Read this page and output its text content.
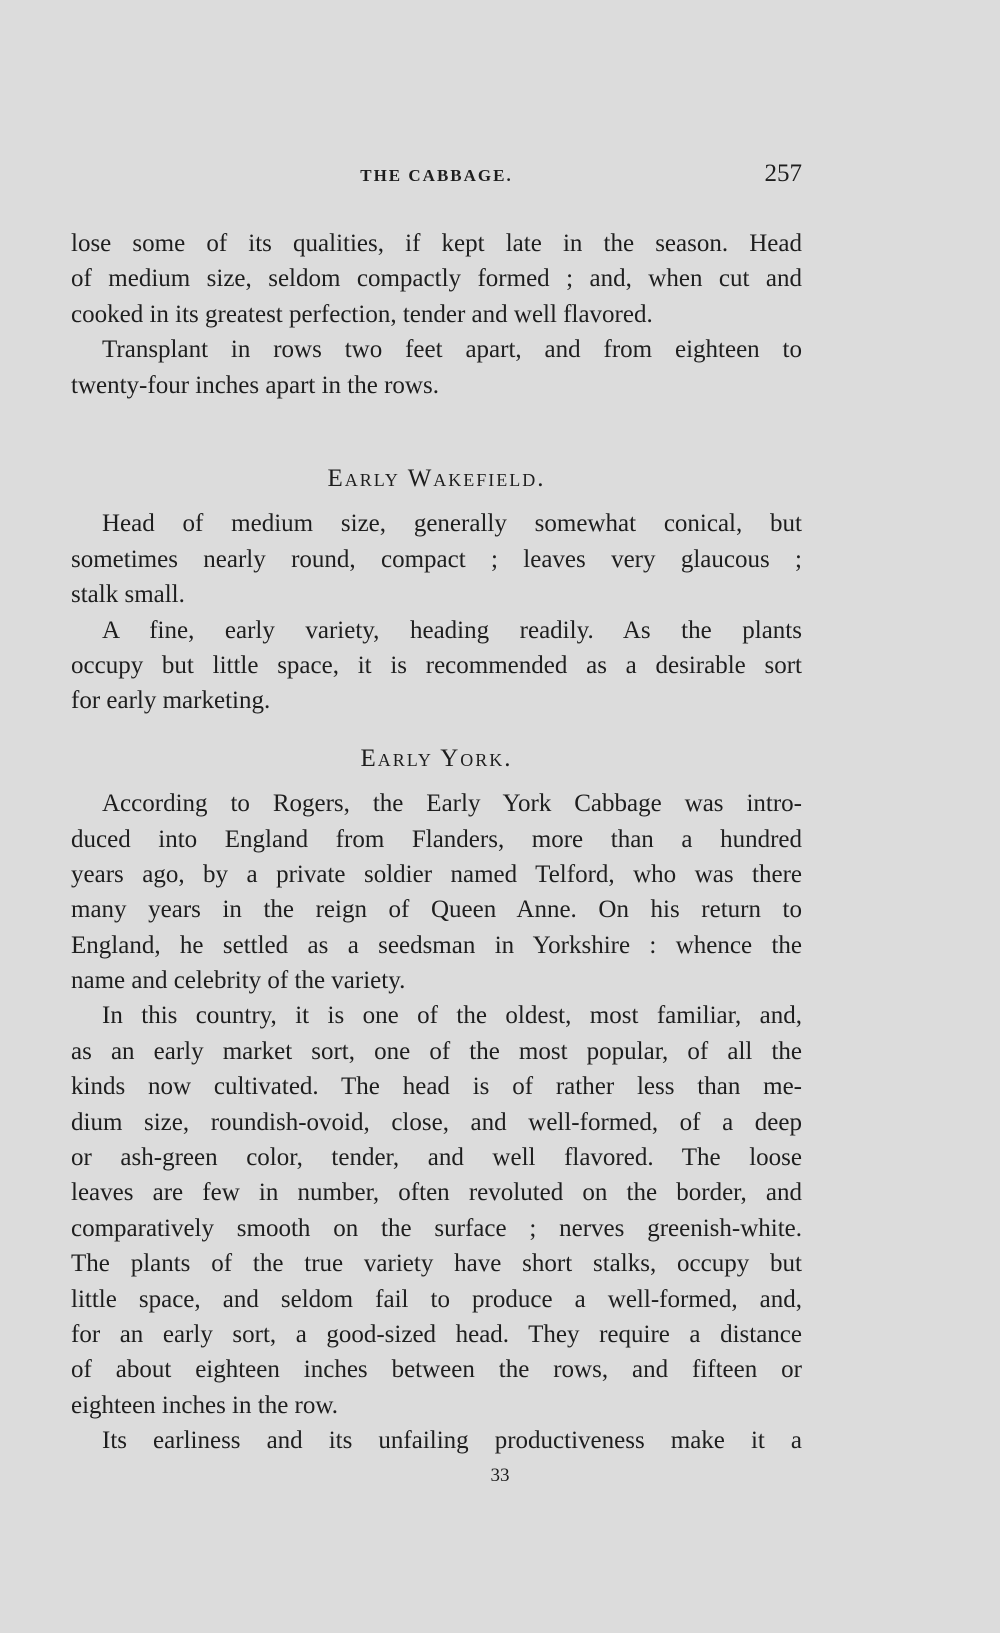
THE CABBAGE.	257
lose some of its qualities, if kept late in the season. Head
of medium size, seldom compactly formed ; and, when cut and
cooked in its greatest perfection, tender and well flavored.
Transplant in rows two feet apart, and from eighteen to
twenty-four inches apart in the rows.
Early Wakefield.
Head of medium size, generally somewhat conical, but
sometimes nearly round, compact ; leaves very glaucous ;
stalk small.
A fine, early variety, heading readily. As the plants
occupy but little space, it is recommended as a desirable sort
for early marketing.
Early York.
According to Rogers, the Early York Cabbage was intro-
duced into England from Flanders, more than a hundred
years ago, by a private soldier named Telford, who was there
many years in the reign of Queen Anne. On his return to
England, he settled as a seedsman in Yorkshire : whence the
name and celebrity of the variety.
In this country, it is one of the oldest, most familiar, and,
as an early market sort, one of the most popular, of all the
kinds now cultivated. The head is of rather less than me-
dium size, roundish-ovoid, close, and well-formed, of a deep
or ash-green color, tender, and well flavored. The loose
leaves are few in number, often revoluted on the border, and
comparatively smooth on the surface ; nerves greenish-white.
The plants of the true variety have short stalks, occupy but
little space, and seldom fail to produce a well-formed, and,
for an early sort, a good-sized head. They require a distance
of about eighteen inches between the rows, and fifteen or
eighteen inches in the row.
Its earliness and its unfailing productiveness make it a
33
